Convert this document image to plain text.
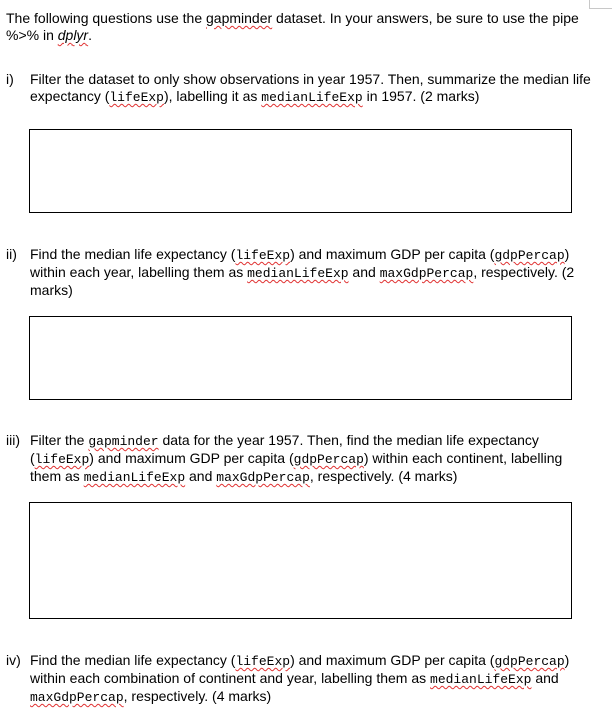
The following questions use the gapminder dataset. In your answers, be sure to use the pipe %>% in dplyr.

i) Filter the dataset to only show observations in year 1957. Then, summarize the median life expectancy (lifeExp), labelling it as medianLifeExp in 1957. (2 marks)
ii) Find the median life expectancy (lifeExp) and maximum GDP per capita (gdpPercap) within each year, labelling them as medianLifeExp and maxGdpPercap, respectively. (2 marks)
iii) Filter the gapminder data for the year 1957. Then, find the median life expectancy (lifeExp) and maximum GDP per capita (gdpPercap) within each continent, labelling them as medianLifeExp and maxGdpPercap, respectively. (4 marks)
iv) Find the median life expectancy (lifeExp) and maximum GDP per capita (gdpPercap) within each combination of continent and year, labelling them as medianLifeExp and maxGdpPercap, respectively. (4 marks)
